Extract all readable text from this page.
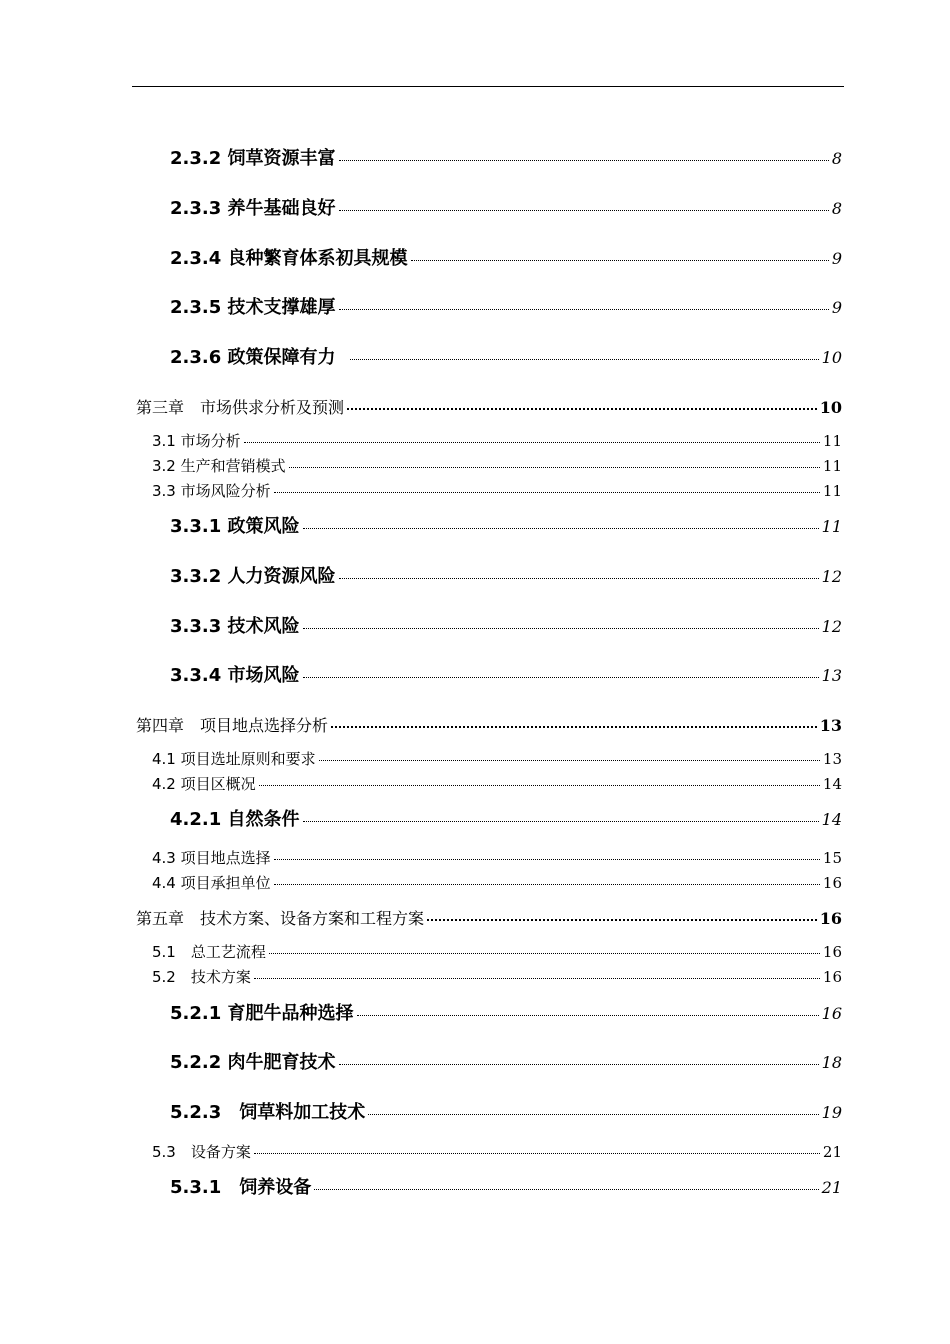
2.3.2 饲草资源丰富	8
2.3.3 养牛基础良好	8
2.3.4 良种繁育体系初具规模	9
2.3.5 技术支撑雄厚	9
2.3.6 政策保障有力	10
第三章　市场供求分析及预测	10
3.1 市场分析	11
3.2 生产和营销模式	11
3.3 市场风险分析	11
3.3.1 政策风险	11
3.3.2 人力资源风险	12
3.3.3 技术风险	12
3.3.4 市场风险	13
第四章　项目地点选择分析	13
4.1 项目选址原则和要求	13
4.2 项目区概况	14
4.2.1 自然条件	14
4.3 项目地点选择	15
4.4 项目承担单位	16
第五章　技术方案、设备方案和工程方案	16
5.1　总工艺流程	16
5.2　技术方案	16
5.2.1 育肥牛品种选择	16
5.2.2 肉牛肥育技术	18
5.2.3　饲草料加工技术	19
5.3　设备方案	21
5.3.1　饲养设备	21
